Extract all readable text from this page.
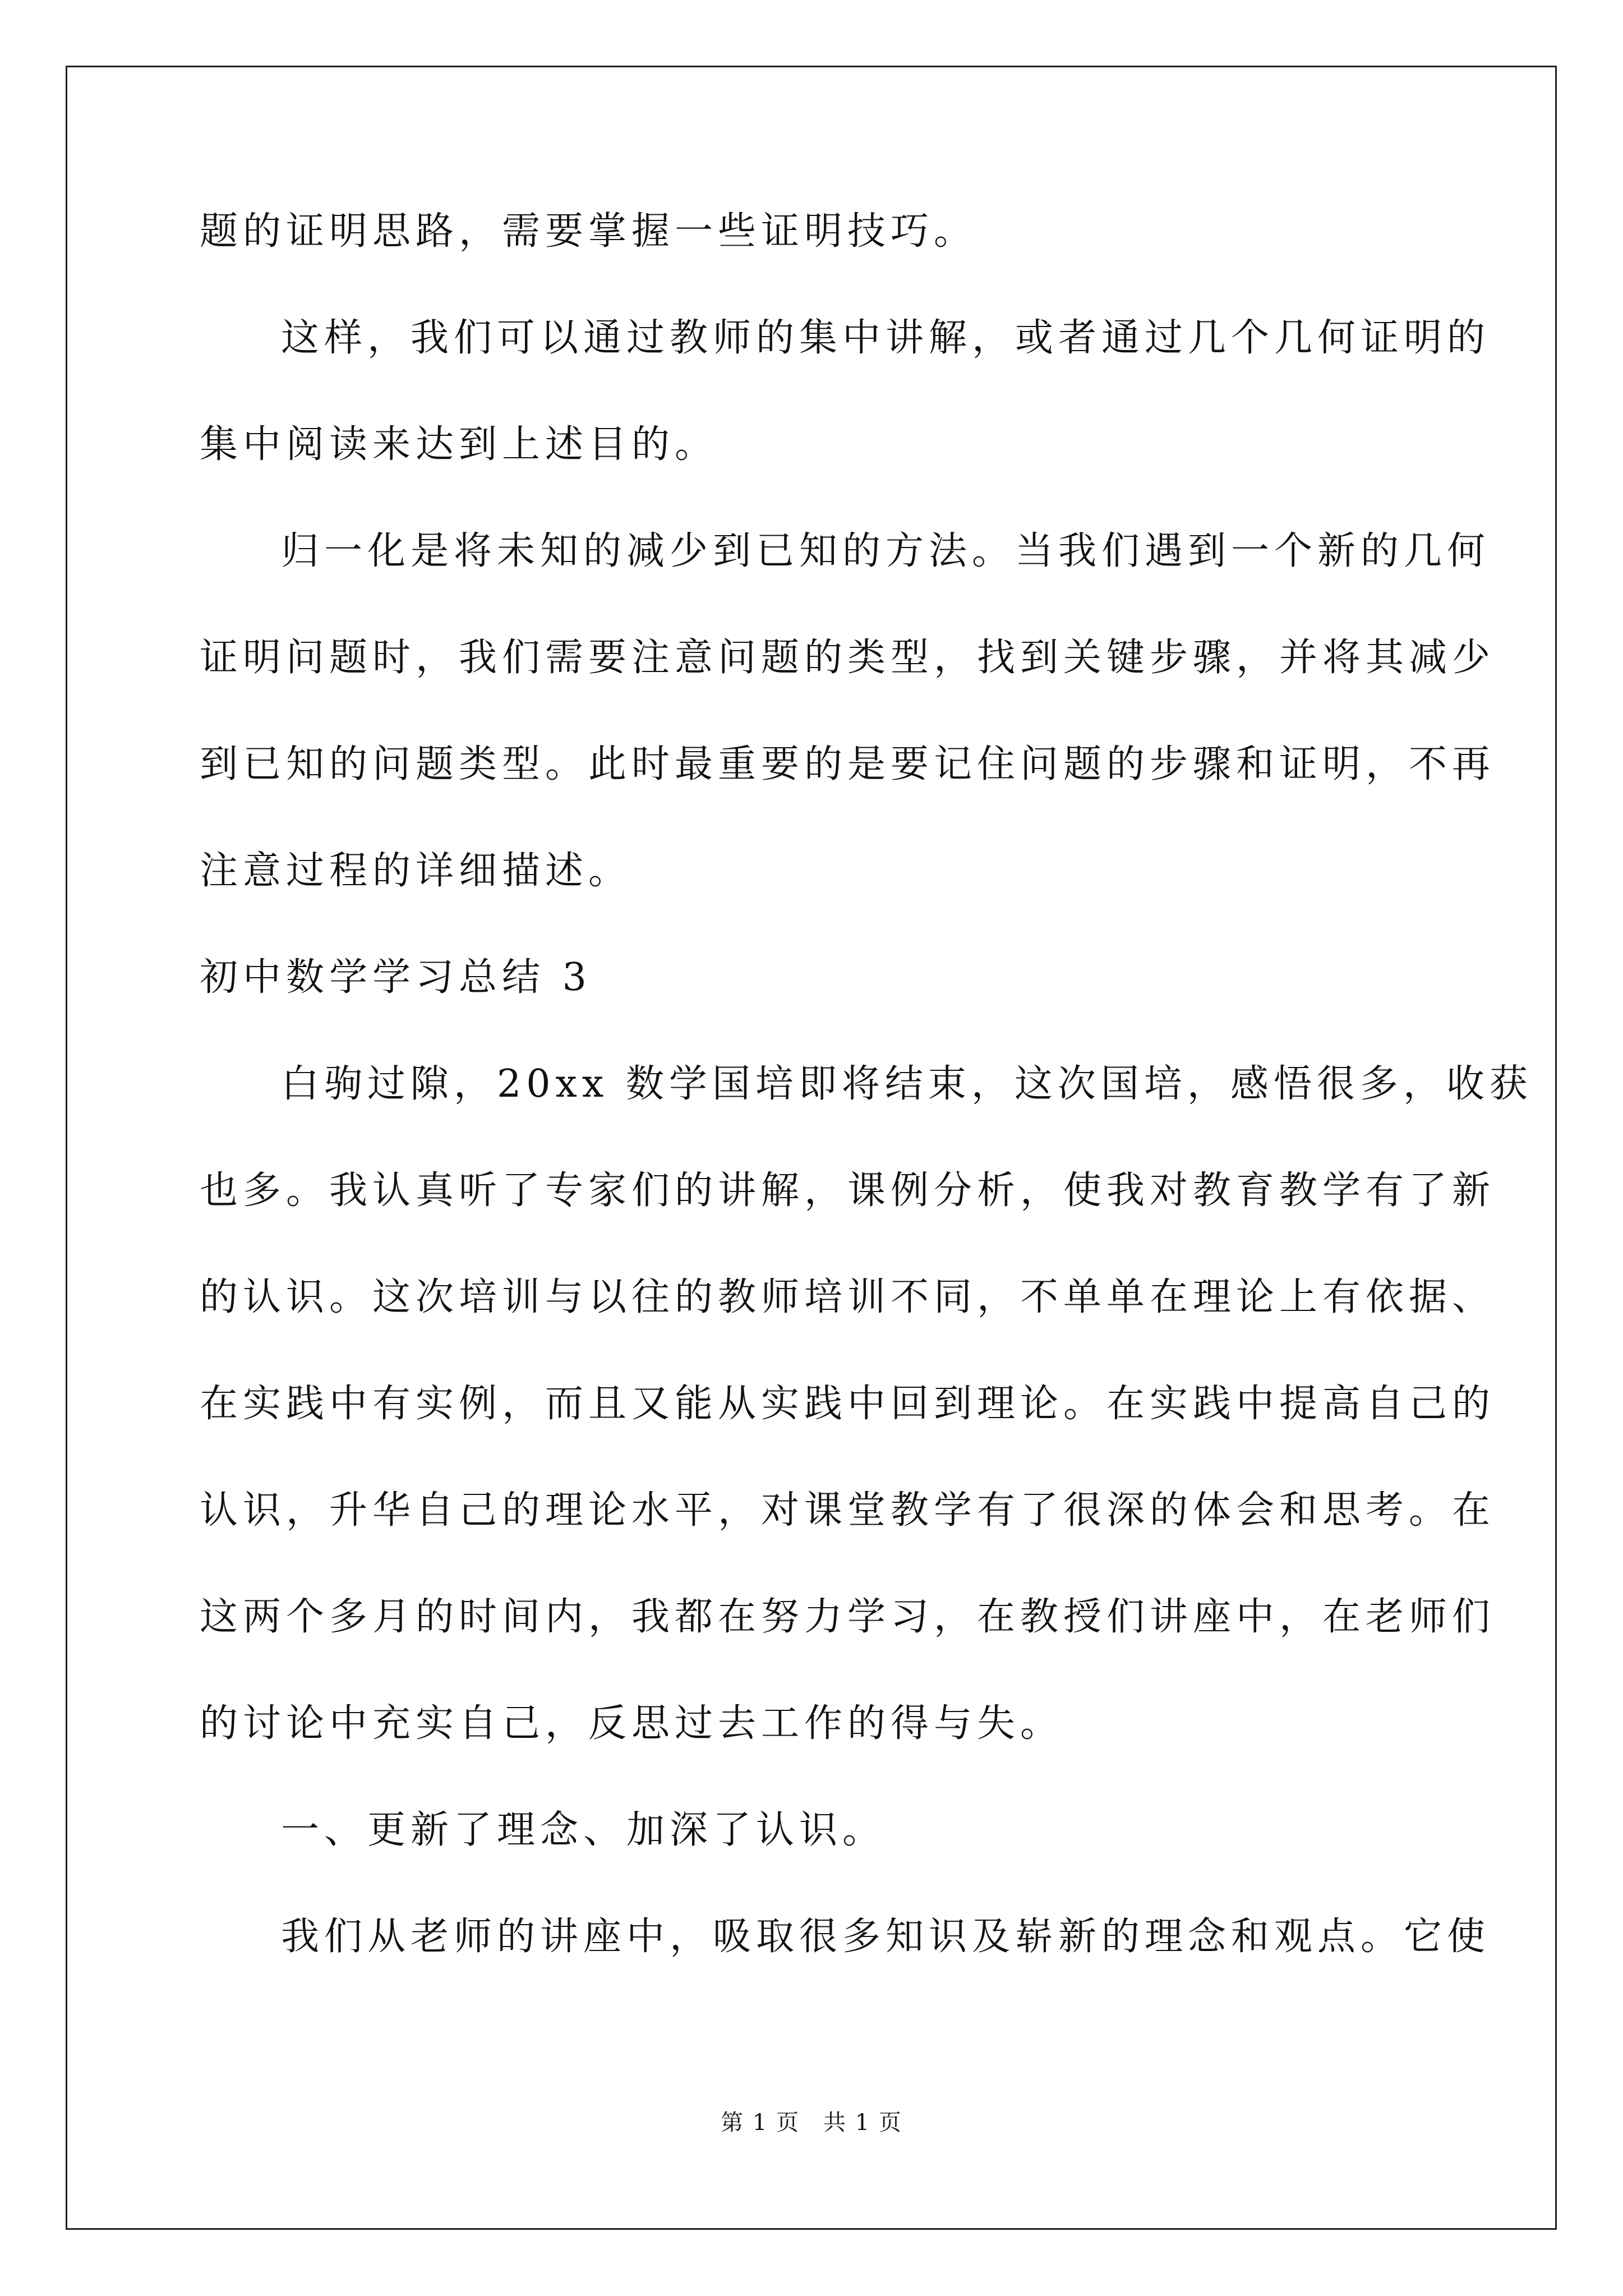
题的证明思路，需要掌握一些证明技巧。
这样，我们可以通过教师的集中讲解，或者通过几个几何证明的
集中阅读来达到上述目的。
归一化是将未知的减少到已知的方法。当我们遇到一个新的几何
证明问题时，我们需要注意问题的类型，找到关键步骤，并将其减少
到已知的问题类型。此时最重要的是要记住问题的步骤和证明，不再
注意过程的详细描述。
初中数学学习总结 3
白驹过隙，20xx 数学国培即将结束，这次国培，感悟很多，收获
也多。我认真听了专家们的讲解，课例分析，使我对教育教学有了新
的认识。这次培训与以往的教师培训不同，不单单在理论上有依据、
在实践中有实例，而且又能从实践中回到理论。在实践中提高自己的
认识，升华自己的理论水平，对课堂教学有了很深的体会和思考。在
这两个多月的时间内，我都在努力学习，在教授们讲座中，在老师们
的讨论中充实自己，反思过去工作的得与失。
一、更新了理念、加深了认识。
我们从老师的讲座中，吸取很多知识及崭新的理念和观点。它使
第 1 页　共 1 页
